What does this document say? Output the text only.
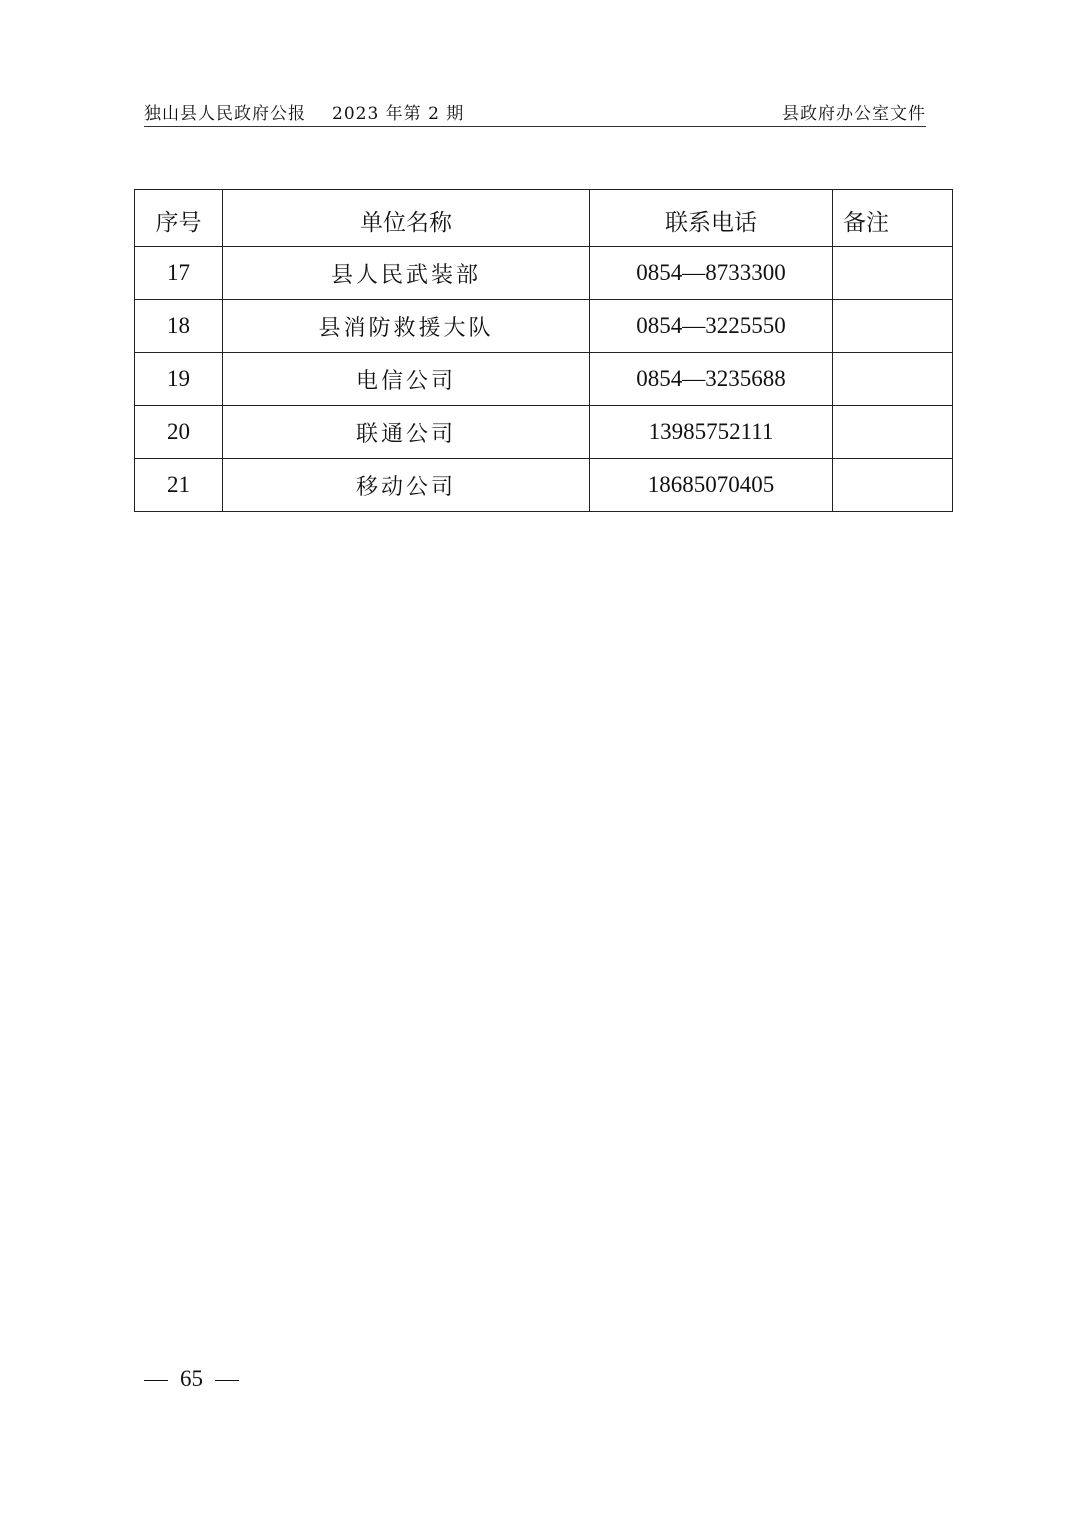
独山县人民政府公报 2023 年第 2 期	县政府办公室文件
序号	单位名称	联系电话	备注
17	县人民武装部	0854—8733300	
18	县消防救援大队	0854—3225550	
19	电信公司	0854—3235688	
20	联通公司	13985752111	
21	移动公司	18685070405	
65
